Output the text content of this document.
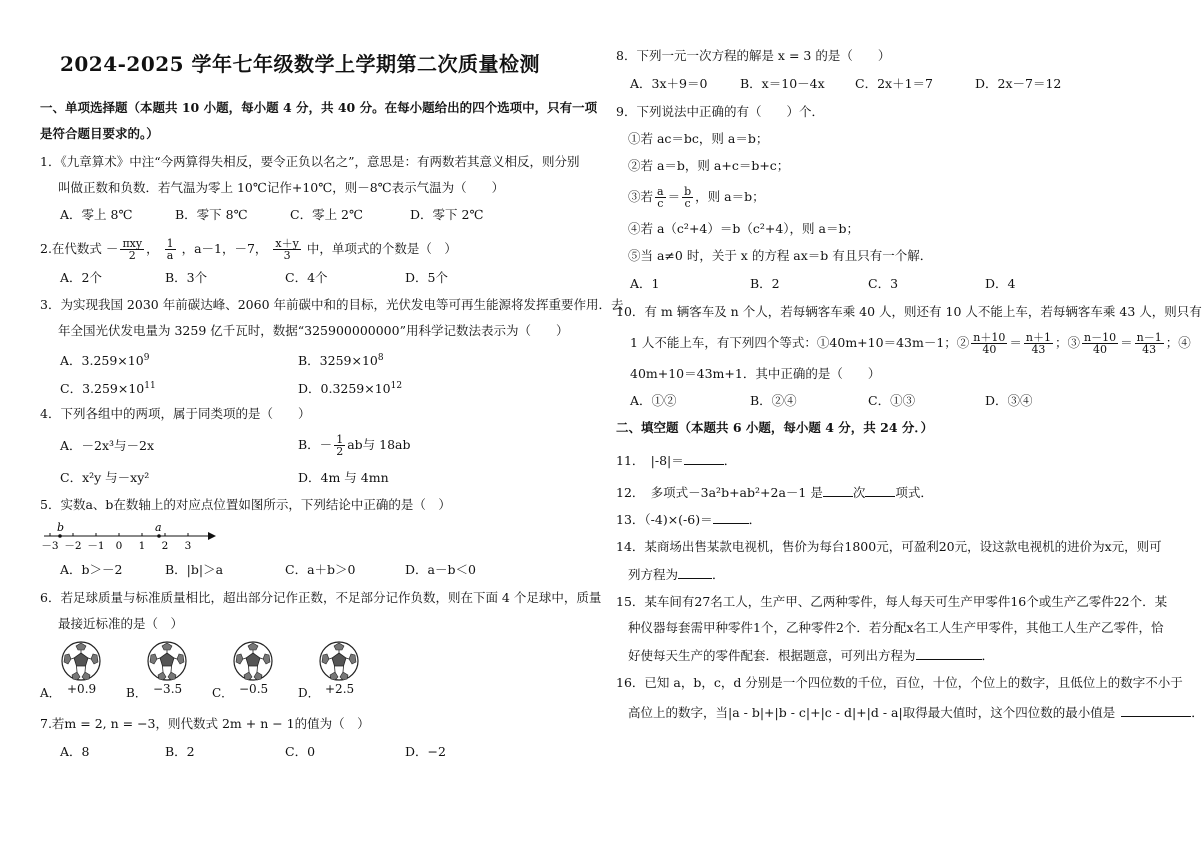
2024-2025 学年七年级数学上学期第二次质量检测
一、单项选择题（本题共 10 小题，每小题 4 分，共 40 分。在每小题给出的四个选项中，只有一项
是符合题目要求的。）
1．《九章算术》中注“今两算得失相反，要令正负以名之”，意思是：有两数若其意义相反，则分别
叫做正数和负数．若气温为零上 10℃记作+10℃，则－8℃表示气温为（　　）
A．零上 8℃	B．零下 8℃	C．零上 2℃	D．零下 2℃
2.在代数式 － $\frac{\text{πxy}}{2}$ ， $\frac{1}{a}$ ，a－1，－7， $\frac{x+y}{3}$ 中，单项式的个数是（　）
A．2个	B．3个	C．4个	D．5个
3．为实现我国 2030 年前碳达峰、2060 年前碳中和的目标，光伏发电等可再生能源将发挥重要作用．去
年全国光伏发电量为 3259 亿千瓦时，数据“325900000000”用科学记数法表示为（　　）
A．$3.259\times 10^9$	B．$3259\times 10^8$
C．$3.259\times 10^{11}$	D．$0.3259\times 10^{12}$
4．下列各组中的两项，属于同类项的是（　　）
A．－2x³与－2x	B．－ $\frac{1}{2}$ ab与 18ab
C．x²y 与－xy²	D．4m 与 4mn
5．实数a、b在数轴上的对应点位置如图所示，下列结论中正确的是（　）
－3 －2 －1 0 1 2 3
b	a
A．b＞－2	B．|b|＞a	C．a＋b＞0	D．a－b＜0
6．若足球质量与标准质量相比，超出部分记作正数，不足部分记作负数，则在下面 4 个足球中，质量
最接近标准的是（　）
A． +0.9 B． −3.5 C． −0.5 D． +2.5
7.若m = 2, n = −3，则代数式 2m + n − 1的值为（　）
A．8	B．2	C．0	D．−2
8．下列一元一次方程的解是 x = 3 的是（　　）
A．3x＋9＝0	B．x＝10－4x C．2x＋1＝7	D．2x－7＝12
9．下列说法中正确的有（　　）个．
①若 ac＝bc，则 a＝b；
②若 a＝b，则 a+c＝b+c；
③若 $\frac{a}{c} = \frac{b}{c}$ ，则 a＝b；
④若 a（c²+4）＝b（c²+4），则 a＝b；
⑤当 a≠0 时，关于 x 的方程 ax＝b 有且只有一个解．
A．1	B．2	C．3	D．4
10．有 m 辆客车及 n 个人，若每辆客车乘 40 人，则还有 10 人不能上车，若每辆客车乘 43 人，则只有
1 人不能上车，有下列四个等式：①40m+10＝43m－1；② $\frac{n+10}{40} = \frac{n+1}{43}$ ；③ $\frac{n-10}{40} = \frac{n-1}{43}$ ；④
40m+10＝43m+1．其中正确的是（　　）
A．①②	B．②④	C．①③	D．③④
二、填空题（本题共 6 小题，每小题 4 分，共 24 分．）
11．　|-8|＝	．
12．　多项式－3a²b+ab²+2a－1 是 次 项式．
13．（-4)×(-6)＝	．
14．某商场出售某款电视机，售价为每台1800元，可盈利20元，设这款电视机的进价为x元，则可
列方程为	．
15．某车间有27名工人，生产甲、乙两种零件，每人每天可生产甲零件16个或生产乙零件22个．某
种仪器每套需甲种零件1个，乙种零件2个．若分配x名工人生产甲零件，其他工人生产乙零件，恰
好使每天生产的零件配套．根据题意，可列出方程为	．
16．已知 a，b，c，d 分别是一个四位数的千位，百位，十位，个位上的数字，且低位上的数字不小于
高位上的数字，当|a - b|+|b - c|+|c - d|+|d - a|取得最大值时，这个四位数的最小值是	．
